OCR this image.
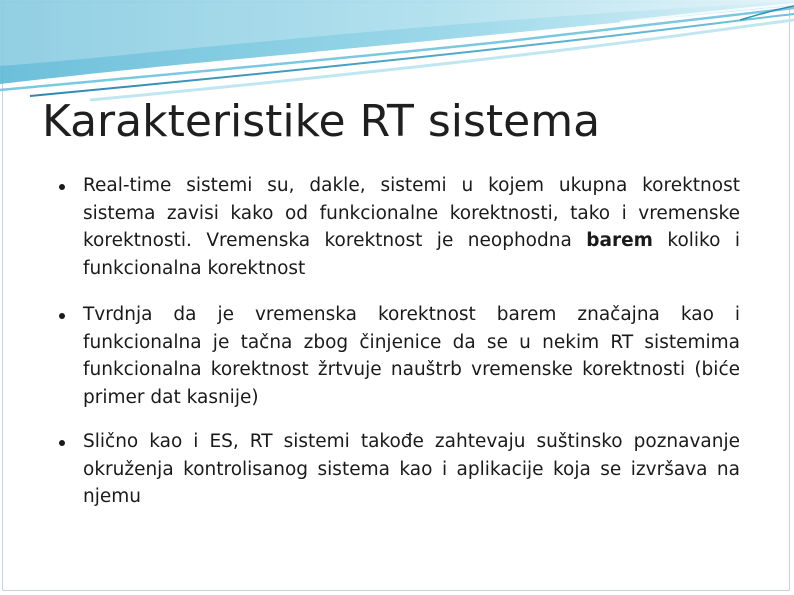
Karakteristike RT sistema
Real-time sistemi su, dakle, sistemi u kojem ukupna korektnost sistema zavisi kako od funkcionalne korektnosti, tako i vremenske korektnosti. Vremenska korektnost je neophodna barem koliko i funkcionalna korektnost
Tvrdnja da je vremenska korektnost barem značajna kao i funkcionalna je tačna zbog činjenice da se u nekim RT sistemima funkcionalna korektnost žrtvuje nauštrb vremenske korektnosti (biće primer dat kasnije)
Slično kao i ES, RT sistemi takođe zahtevaju suštinsko poznavanje okruženja kontrolisanog sistema kao i aplikacije koja se izvršava na njemu
